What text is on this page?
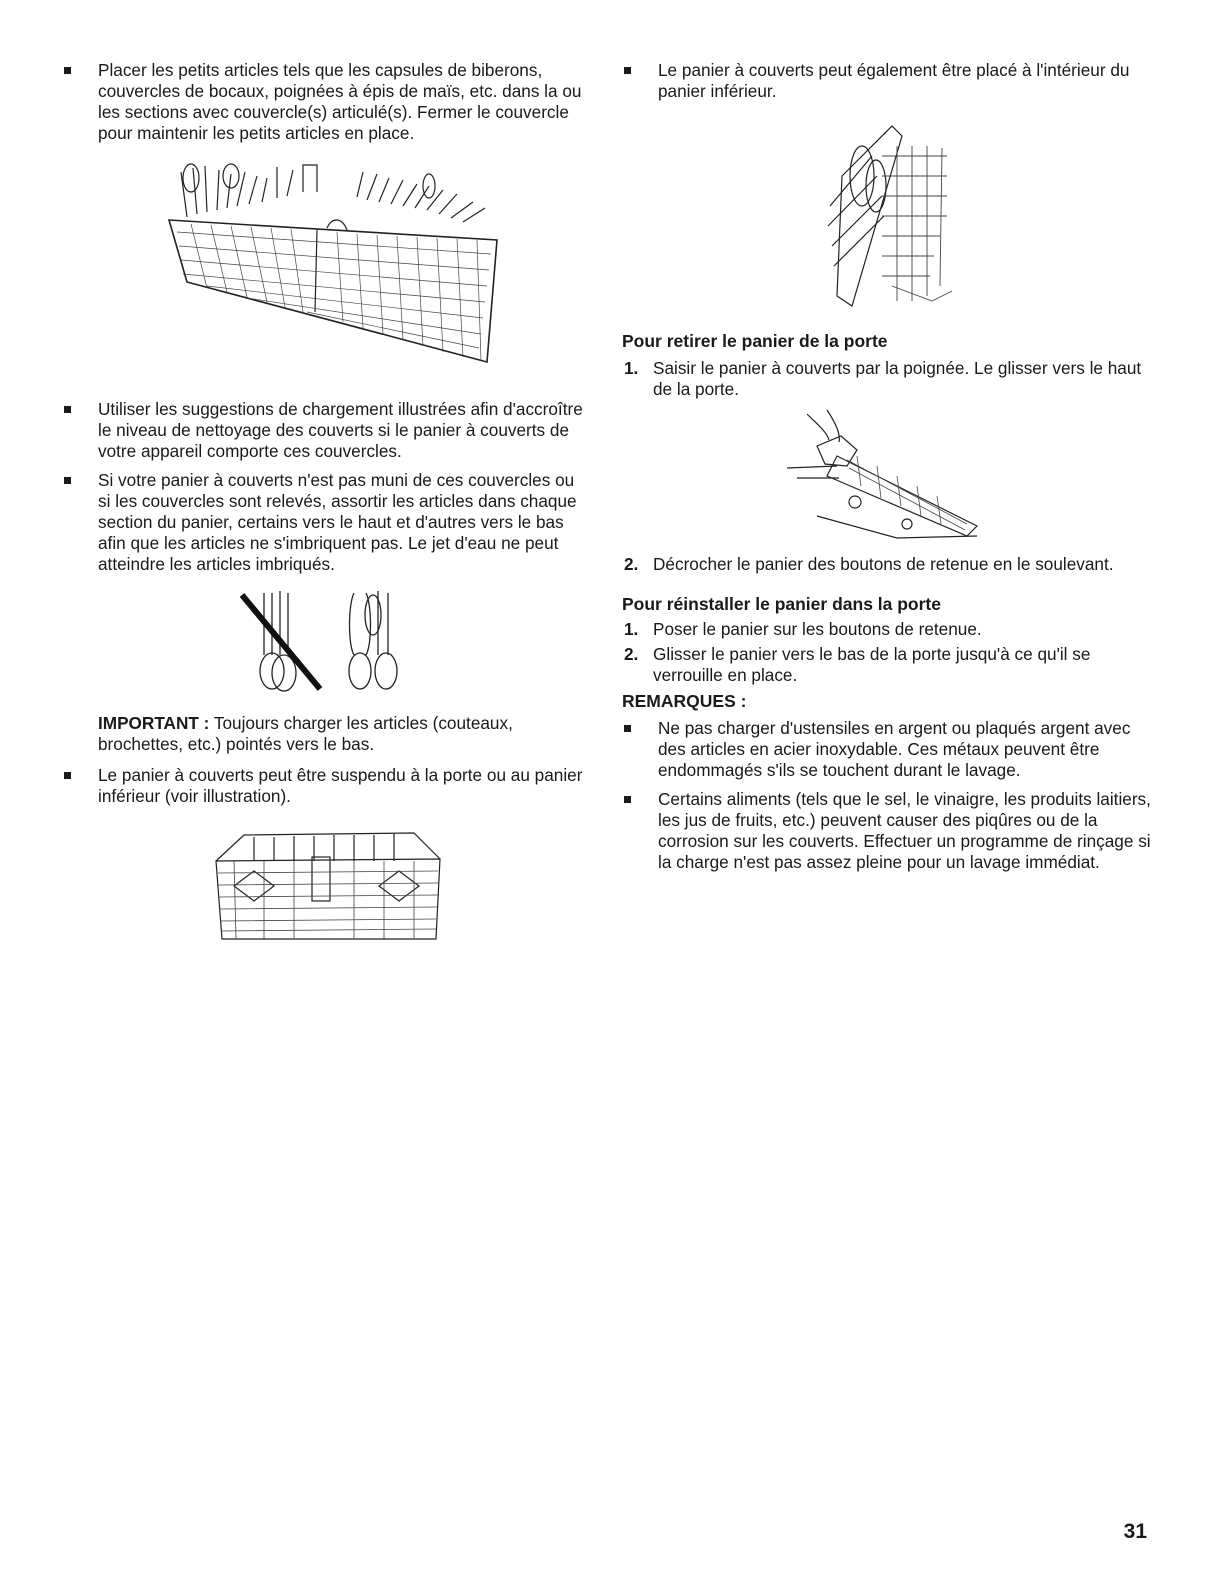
Placer les petits articles tels que les capsules de biberons, couvercles de bocaux, poignées à épis de maïs, etc. dans la ou les sections avec couvercle(s) articulé(s). Fermer le couvercle pour maintenir les petits articles en place.

Utiliser les suggestions de chargement illustrées afin d'accroître le niveau de nettoyage des couverts si le panier à couverts de votre appareil comporte ces couvercles.

Si votre panier à couverts n'est pas muni de ces couvercles ou si les couvercles sont relevés, assortir les articles dans chaque section du panier, certains vers le haut et d'autres vers le bas afin que les articles ne s'imbriquent pas. Le jet d'eau ne peut atteindre les articles imbriqués.

IMPORTANT : Toujours charger les articles (couteaux, brochettes, etc.) pointés vers le bas.

Le panier à couverts peut être suspendu à la porte ou au panier inférieur (voir illustration).

Le panier à couverts peut également être placé à l'intérieur du panier inférieur.

Pour retirer le panier de la porte

1. Saisir le panier à couverts par la poignée. Le glisser vers le haut de la porte.

2. Décrocher le panier des boutons de retenue en le soulevant.

Pour réinstaller le panier dans la porte

1. Poser le panier sur les boutons de retenue.

2. Glisser le panier vers le bas de la porte jusqu'à ce qu'il se verrouille en place.

REMARQUES :

Ne pas charger d'ustensiles en argent ou plaqués argent avec des articles en acier inoxydable. Ces métaux peuvent être endommagés s'ils se touchent durant le lavage.

Certains aliments (tels que le sel, le vinaigre, les produits laitiers, les jus de fruits, etc.) peuvent causer des piqûres ou de la corrosion sur les couverts. Effectuer un programme de rinçage si la charge n'est pas assez pleine pour un lavage immédiat.

31
